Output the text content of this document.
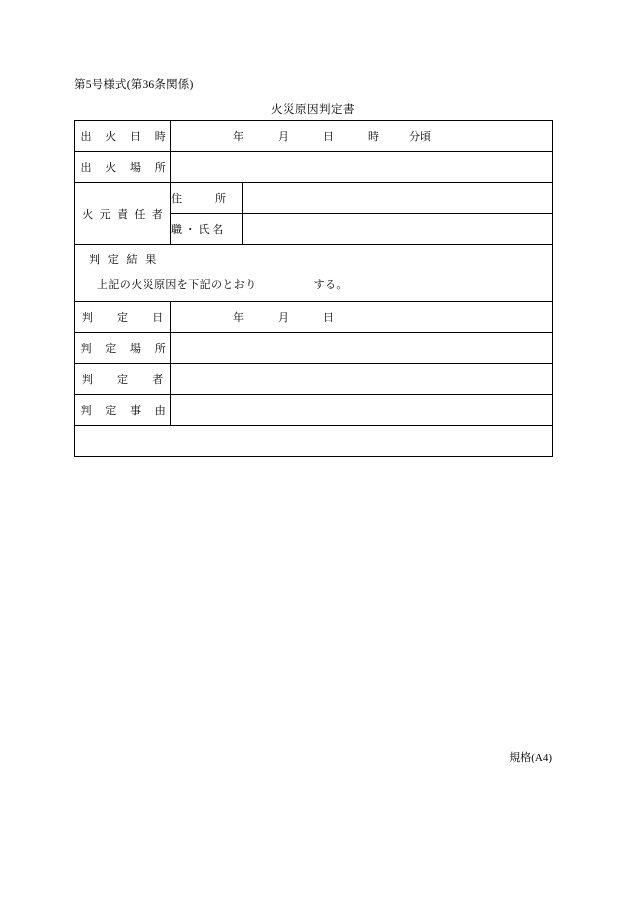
第5号様式(第36条関係)
火災原因判定書
出 火 日 時	年 月 日 時 分頃	
出 火 場 所		
火 元 責 任 者	住　　　所	
	職 ・ 氏 名	

判 定 結 果
上記の火災原因を下記のとおり　　　　　する。		

判　 定　 日	年 月 日	
判 定 場 所		
判　 定　 者		
判 定 事 由		

規格(A4)
